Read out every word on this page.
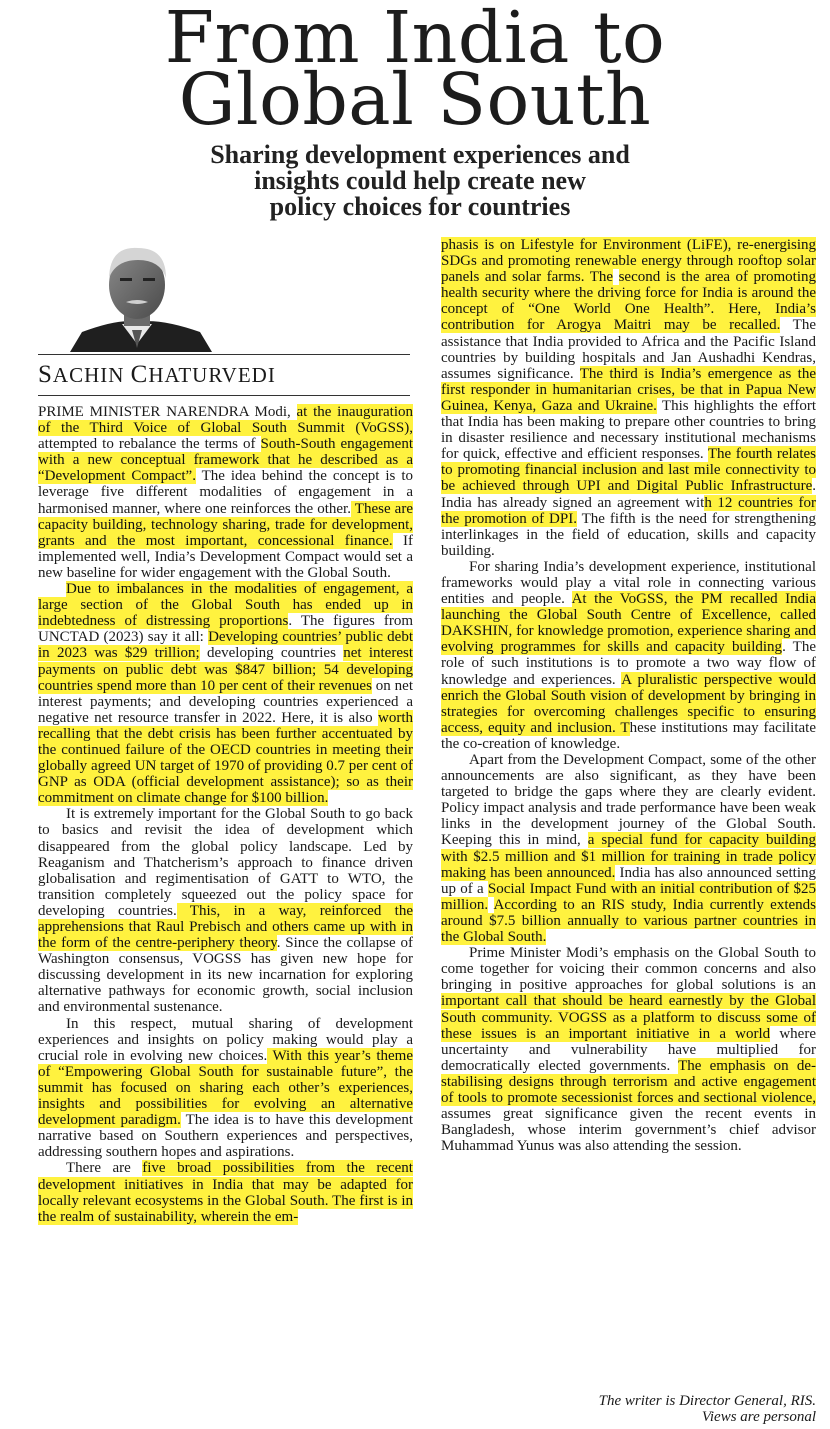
From India to
Global South
Sharing development experiences and
insights could help create new
policy choices for countries
SACHIN CHATURVEDI

PRIME MINISTER NARENDRA Modi, at the inauguration of the Third Voice of Global South Summit (VoGSS), attempted to rebalance the terms of South-South engagement with a new conceptual framework that he described as a “Development Compact”. The idea behind the concept is to leverage five different modalities of engagement in a harmonised manner, where one reinforces the other. These are capacity building, technology sharing, trade for development, grants and the most important, concessional finance. If implemented well, India’s Development Compact would set a new baseline for wider engagement with the Global South.

Due to imbalances in the modalities of engagement, a large section of the Global South has ended up in indebtedness of distressing proportions. The figures from UNCTAD (2023) say it all: Developing countries’ public debt in 2023 was $29 trillion; developing countries net interest payments on public debt was $847 billion; 54 developing countries spend more than 10 per cent of their revenues on net interest payments; and developing countries experienced a negative net resource transfer in 2022. Here, it is also worth recalling that the debt crisis has been further accentuated by the continued failure of the OECD countries in meeting their globally agreed UN target of 1970 of providing 0.7 per cent of GNP as ODA (official development assistance); so as their commitment on climate change for $100 billion.

It is extremely important for the Global South to go back to basics and revisit the idea of development which disappeared from the global policy landscape. Led by Reaganism and Thatcherism’s approach to finance driven globalisation and regimentisation of GATT to WTO, the transition completely squeezed out the policy space for developing countries. This, in a way, reinforced the apprehensions that Raul Prebisch and others came up with in the form of the centre-periphery theory. Since the collapse of Washington consensus, VOGSS has given new hope for discussing development in its new incarnation for exploring alternative pathways for economic growth, social inclusion and environmental sustenance.

In this respect, mutual sharing of development experiences and insights on policy making would play a crucial role in evolving new choices. With this year’s theme of “Empowering Global South for sustainable future”, the summit has focused on sharing each other’s experiences, insights and possibilities for evolving an alternative development paradigm. The idea is to have this development narrative based on Southern experiences and perspectives, addressing southern hopes and aspirations.

There are five broad possibilities from the recent development initiatives in India that may be adapted for locally relevant ecosystems in the Global South. The first is in the realm of sustainability, wherein the em-

phasis is on Lifestyle for Environment (LiFE), re-energising SDGs and promoting renewable energy through rooftop solar panels and solar farms. The second is the area of promoting health security where the driving force for India is around the concept of “One World One Health”. Here, India’s contribution for Arogya Maitri may be recalled. The assistance that India provided to Africa and the Pacific Island countries by building hospitals and Jan Aushadhi Kendras, assumes significance. The third is India’s emergence as the first responder in humanitarian crises, be that in Papua New Guinea, Kenya, Gaza and Ukraine. This highlights the effort that India has been making to prepare other countries to bring in disaster resilience and necessary institutional mechanisms for quick, effective and efficient responses. The fourth relates to promoting financial inclusion and last mile connectivity to be achieved through UPI and Digital Public Infrastructure. India has already signed an agreement with 12 countries for the promotion of DPI. The fifth is the need for strengthening interlinkages in the field of education, skills and capacity building.

For sharing India’s development experience, institutional frameworks would play a vital role in connecting various entities and people. At the VoGSS, the PM recalled India launching the Global South Centre of Excellence, called DAKSHIN, for knowledge promotion, experience sharing and evolving programmes for skills and capacity building. The role of such institutions is to promote a two way flow of knowledge and experiences. A pluralistic perspective would enrich the Global South vision of development by bringing in strategies for overcoming challenges specific to ensuring access, equity and inclusion. These institutions may facilitate the co-creation of knowledge.

Apart from the Development Compact, some of the other announcements are also significant, as they have been targeted to bridge the gaps where they are clearly evident. Policy impact analysis and trade performance have been weak links in the development journey of the Global South. Keeping this in mind, a special fund for capacity building with $2.5 million and $1 million for training in trade policy making has been announced. India has also announced setting up of a Social Impact Fund with an initial contribution of $25 million. According to an RIS study, India currently extends around $7.5 billion annually to various partner countries in the Global South.

Prime Minister Modi’s emphasis on the Global South to come together for voicing their common concerns and also bringing in positive approaches for global solutions is an important call that should be heard earnestly by the Global South community. VOGSS as a platform to discuss some of these issues is an important initiative in a world where uncertainty and vulnerability have multiplied for democratically elected governments. The emphasis on de-stabilising designs through terrorism and active engagement of tools to promote secessionist forces and sectional violence, assumes great significance given the recent events in Bangladesh, whose interim government’s chief advisor Muhammad Yunus was also attending the session.

The writer is Director General, RIS.
Views are personal
